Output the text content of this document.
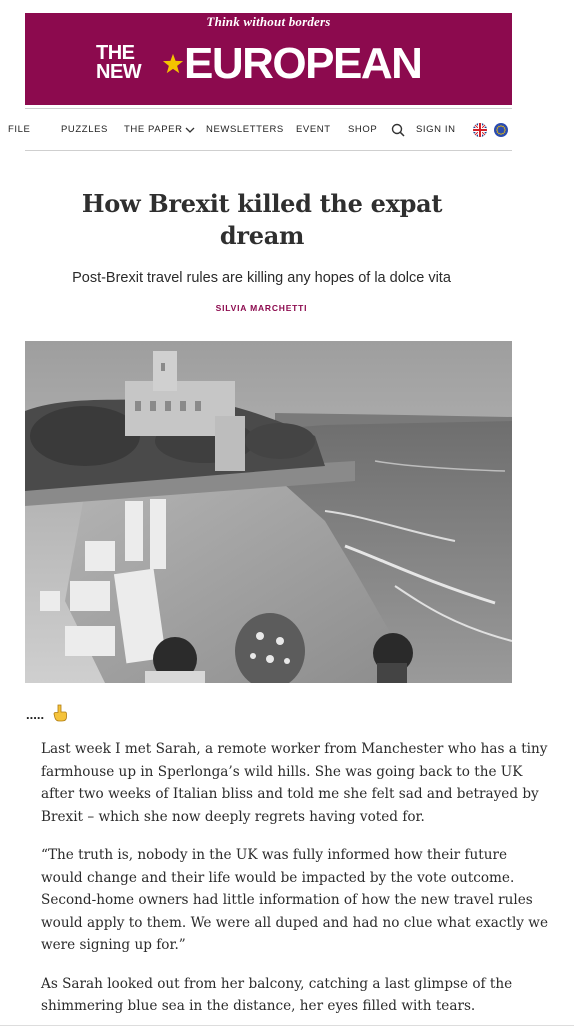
Think without borders
THE
NEW EUROPEAN
FILE	PUZZLES THE PAPER NEWSLETTERS EVENT SHOP	SIGN IN
How Brexit killed the expat dream
Post-Brexit travel rules are killing any hopes of la dolce vita
SILVIA MARCHETTI
.....

Last week I met Sarah, a remote worker from Manchester who has a tiny farmhouse up in Sperlonga’s wild hills. She was going back to the UK after two weeks of Italian bliss and told me she felt sad and betrayed by Brexit – which she now deeply regrets having voted for.

“The truth is, nobody in the UK was fully informed how their future would change and their life would be impacted by the vote outcome. Second-home owners had little information of how the new travel rules would apply to them. We were all duped and had no clue what exactly we were signing up for.”

As Sarah looked out from her balcony, catching a last glimpse of the shimmering blue sea in the distance, her eyes filled with tears.
